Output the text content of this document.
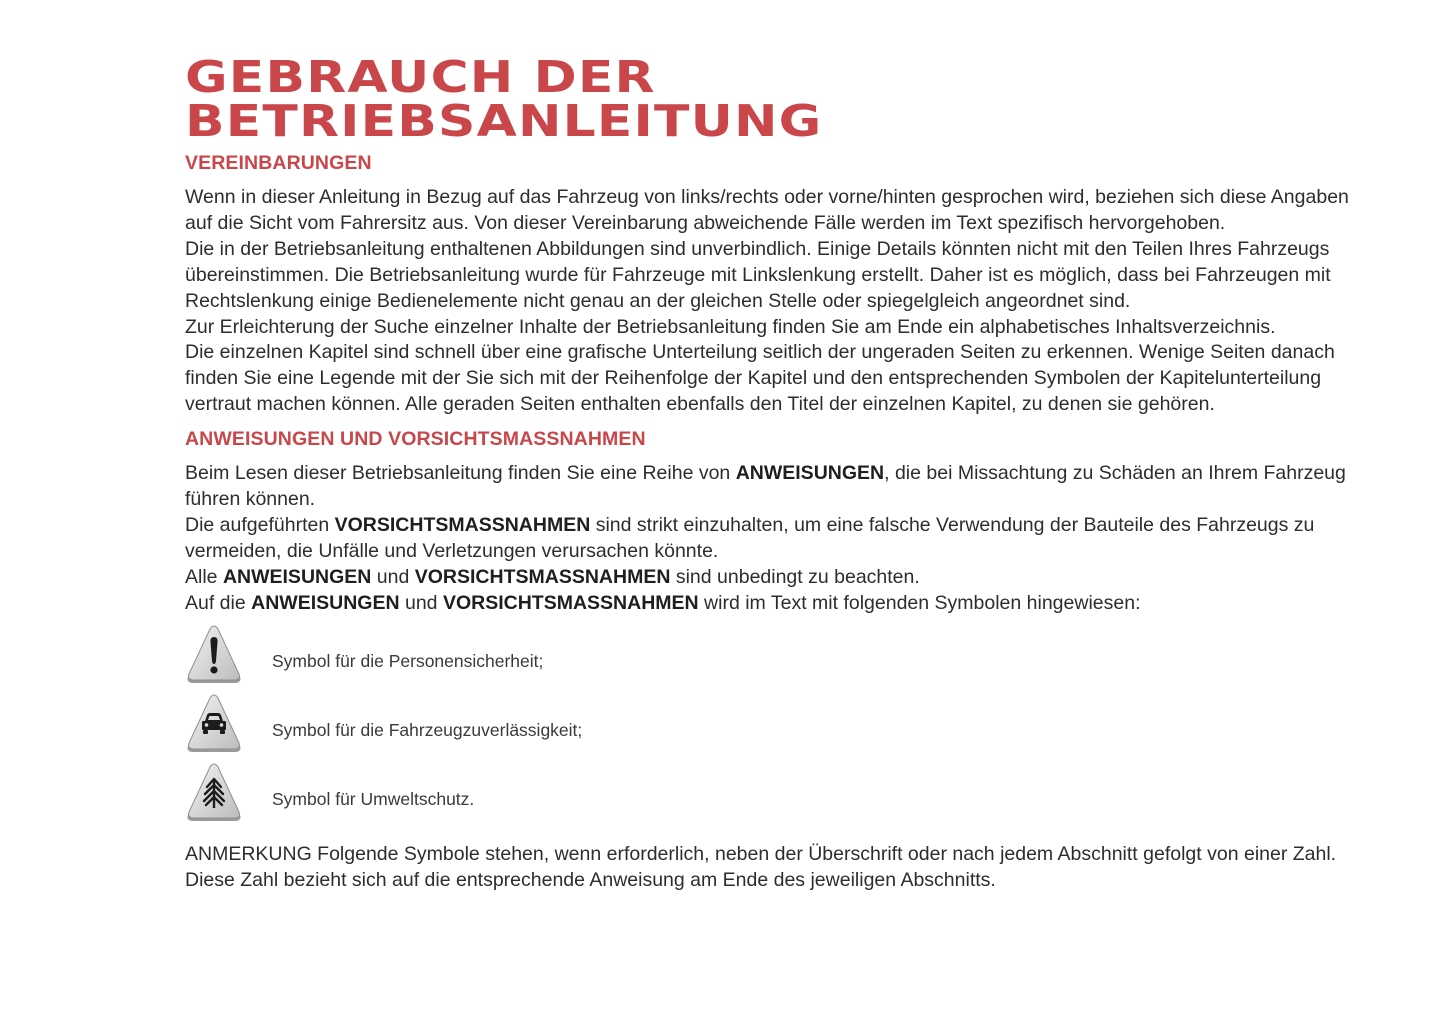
GEBRAUCH DER
BETRIEBSANLEITUNG
VEREINBARUNGEN

Wenn in dieser Anleitung in Bezug auf das Fahrzeug von links/rechts oder vorne/hinten gesprochen wird, beziehen sich diese Angaben auf die Sicht vom Fahrersitz aus. Von dieser Vereinbarung abweichende Fälle werden im Text spezifisch hervorgehoben.

Die in der Betriebsanleitung enthaltenen Abbildungen sind unverbindlich. Einige Details könnten nicht mit den Teilen Ihres Fahrzeugs übereinstimmen. Die Betriebsanleitung wurde für Fahrzeuge mit Linkslenkung erstellt. Daher ist es möglich, dass bei Fahrzeugen mit Rechtslenkung einige Bedienelemente nicht genau an der gleichen Stelle oder spiegelgleich angeordnet sind.

Zur Erleichterung der Suche einzelner Inhalte der Betriebsanleitung finden Sie am Ende ein alphabetisches Inhaltsverzeichnis.

Die einzelnen Kapitel sind schnell über eine grafische Unterteilung seitlich der ungeraden Seiten zu erkennen. Wenige Seiten danach finden Sie eine Legende mit der Sie sich mit der Reihenfolge der Kapitel und den entsprechenden Symbolen der Kapitelunterteilung vertraut machen können. Alle geraden Seiten enthalten ebenfalls den Titel der einzelnen Kapitel, zu denen sie gehören.

ANWEISUNGEN UND VORSICHTSMASSNAHMEN

Beim Lesen dieser Betriebsanleitung finden Sie eine Reihe von ANWEISUNGEN, die bei Missachtung zu Schäden an Ihrem Fahrzeug führen können.

Die aufgeführten VORSICHTSMASSNAHMEN sind strikt einzuhalten, um eine falsche Verwendung der Bauteile des Fahrzeugs zu vermeiden, die Unfälle und Verletzungen verursachen könnte.

Alle ANWEISUNGEN und VORSICHTSMASSNAHMEN sind unbedingt zu beachten.

Auf die ANWEISUNGEN und VORSICHTSMASSNAHMEN wird im Text mit folgenden Symbolen hingewiesen:

Symbol für die Personensicherheit;
Symbol für die Fahrzeugzuverlässigkeit;
Symbol für Umweltschutz.

ANMERKUNG Folgende Symbole stehen, wenn erforderlich, neben der Überschrift oder nach jedem Abschnitt gefolgt von einer Zahl. Diese Zahl bezieht sich auf die entsprechende Anweisung am Ende des jeweiligen Abschnitts.
